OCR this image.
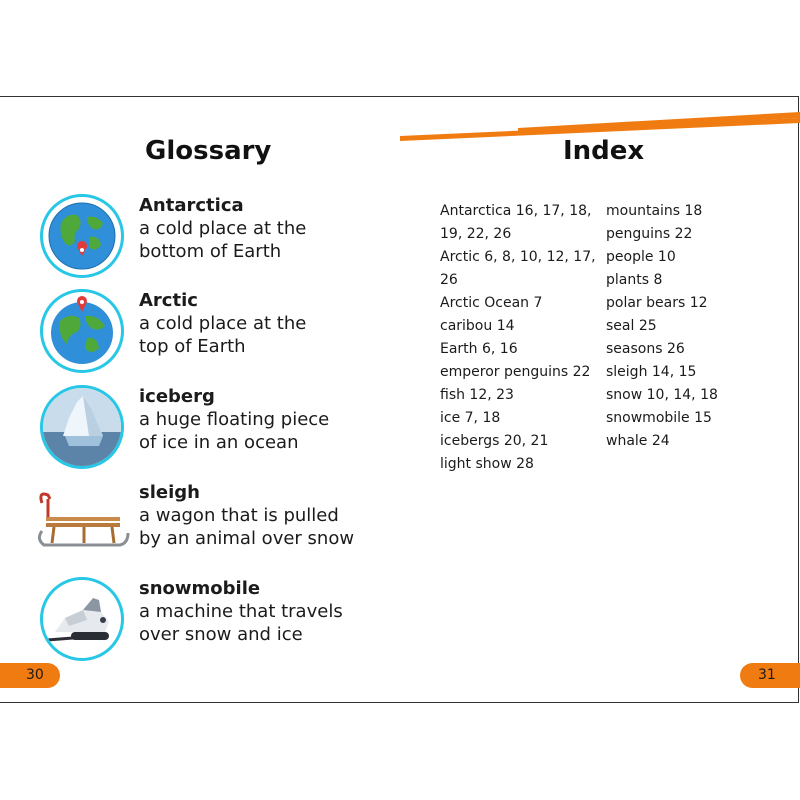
Glossary	Index
Antarctica
a cold place at the
bottom of Earth
Arctic
a cold place at the
top of Earth
iceberg
a huge floating piece
of ice in an ocean
sleigh
a wagon that is pulled
by an animal over snow
snowmobile
a machine that travels
over snow and ice
Antarctica 16, 17, 18,
19, 22, 26
Arctic 6, 8, 10, 12, 17,
26
Arctic Ocean 7
caribou 14
Earth 6, 16
emperor penguins 22
fish 12, 23
ice 7, 18
icebergs 20, 21
light show 28
mountains 18
penguins 22
people 10
plants 8
polar bears 12
seal 25
seasons 26
sleigh 14, 15
snow 10, 14, 18
snowmobile 15
whale 24
30	31
